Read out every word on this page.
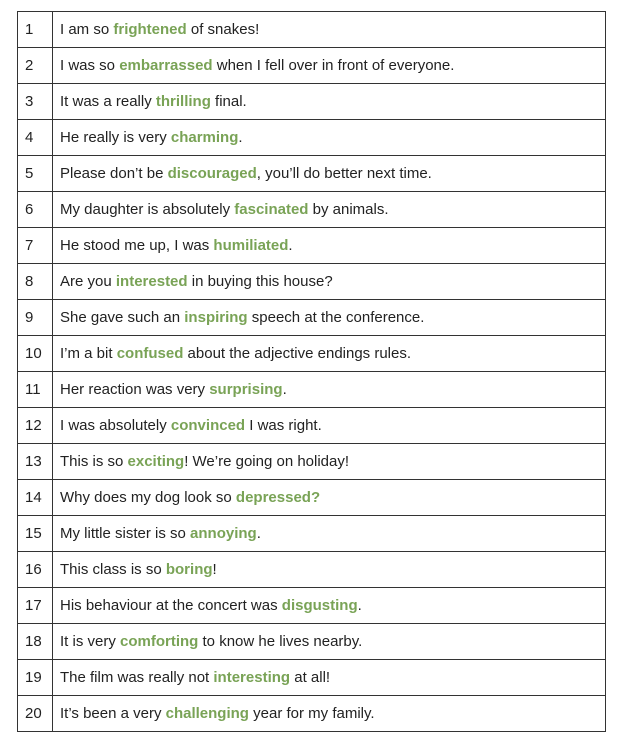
1	I am so frightened of snakes!
2	I was so embarrassed when I fell over in front of everyone.
3	It was a really thrilling final.
4	He really is very charming.
5	Please don’t be discouraged, you’ll do better next time.
6	My daughter is absolutely fascinated by animals.
7	He stood me up, I was humiliated.
8	Are you interested in buying this house?
9	She gave such an inspiring speech at the conference.
10	I’m a bit confused about the adjective endings rules.
11	Her reaction was very surprising.
12	I was absolutely convinced I was right.
13	This is so exciting! We’re going on holiday!
14	Why does my dog look so depressed?
15	My little sister is so annoying.
16	This class is so boring!
17	His behaviour at the concert was disgusting.
18	It is very comforting to know he lives nearby.
19	The film was really not interesting at all!
20	It’s been a very challenging year for my family.
